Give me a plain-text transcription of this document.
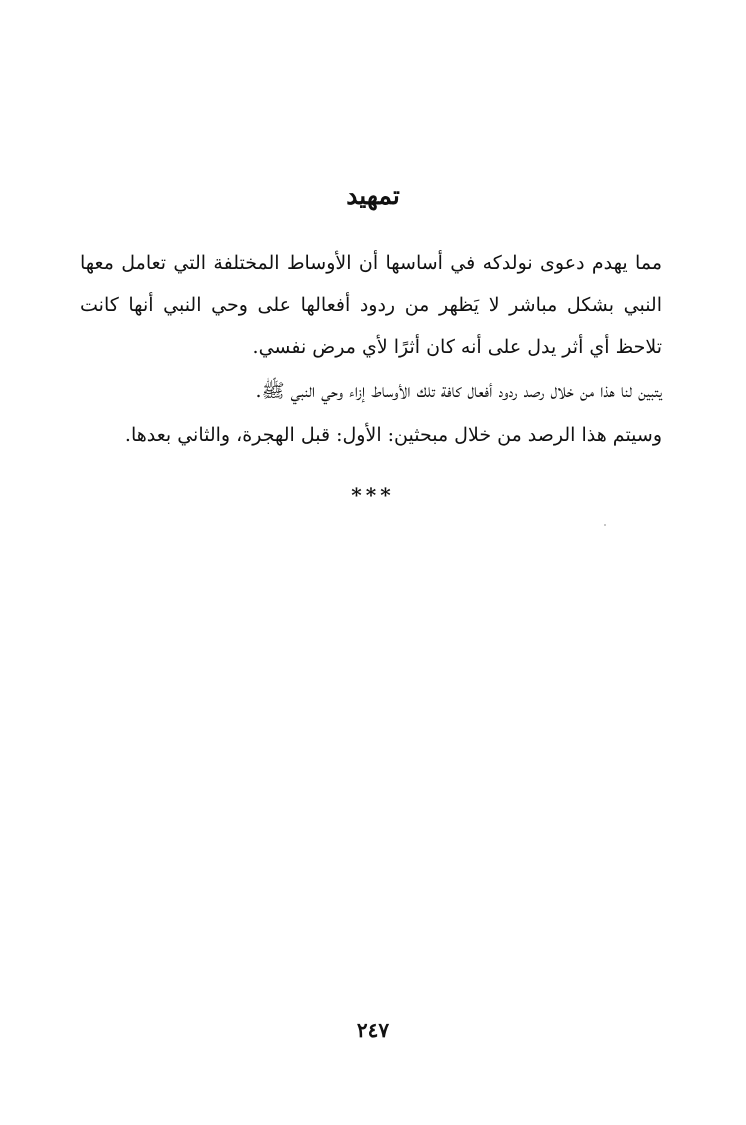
تمهيد

مما يهدم دعوى نولدكه في أساسها أن الأوساط المختلفة التي تعامل معها النبي بشكل مباشر لا يَظهر من ردود أفعالها على وحي النبي أنها كانت تلاحظ أي أثر يدل على أنه كان أثرًا لأي مرض نفسي.

يتبين لنا هذا من خلال رصد ردود أفعال كافة تلك الأوساط إزاء وحي النبي ﷺ.

وسيتم هذا الرصد من خلال مبحثين: الأول: قبل الهجرة، والثاني بعدها.

***
٢٤٧
